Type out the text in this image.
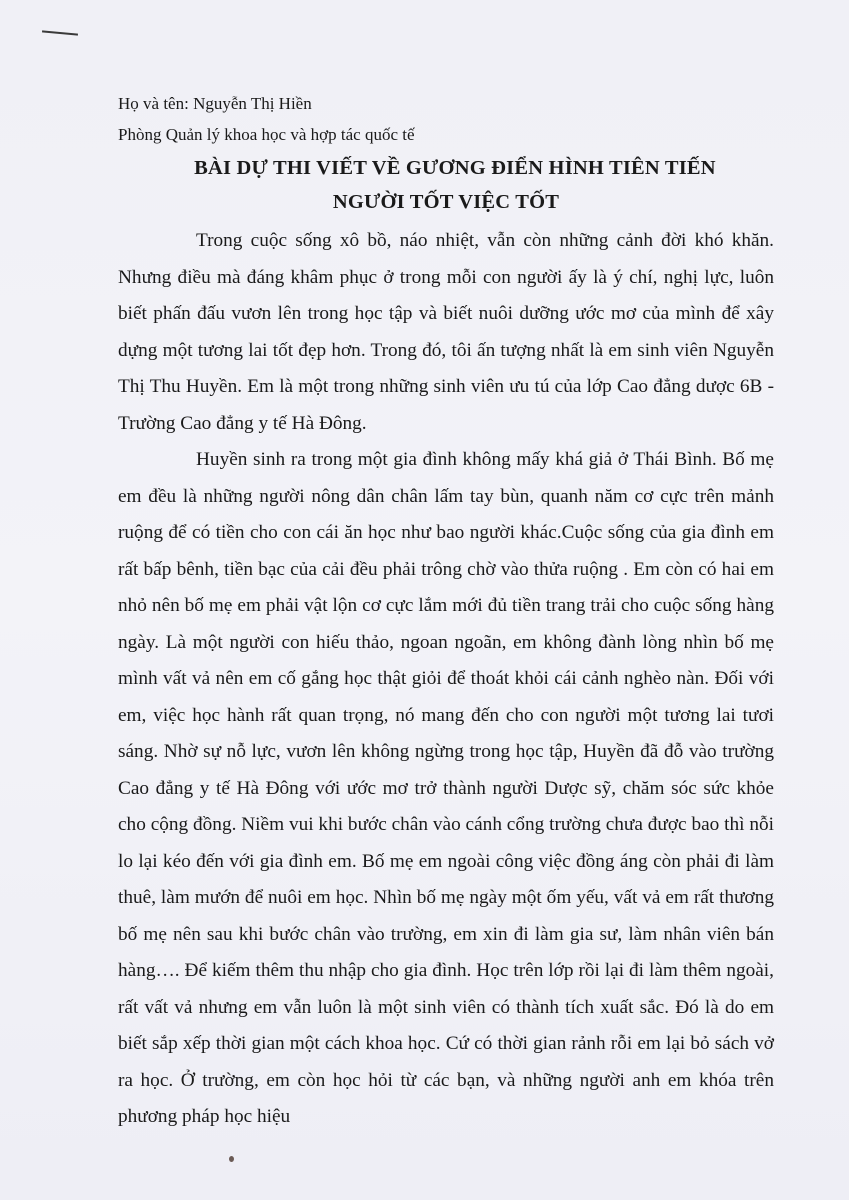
Họ và tên: Nguyễn Thị Hiền

Phòng Quản lý khoa học và hợp tác quốc tế

BÀI DỰ THI VIẾT VỀ GƯƠNG ĐIỂN HÌNH TIÊN TIẾN

NGƯỜI TỐT VIỆC TỐT

Trong cuộc sống xô bồ, náo nhiệt, vẫn còn những cảnh đời khó khăn. Nhưng điều mà đáng khâm phục ở trong mỗi con người ấy là ý chí, nghị lực, luôn biết phấn đấu vươn lên trong học tập và biết nuôi dưỡng ước mơ của mình để xây dựng một tương lai tốt đẹp hơn. Trong đó, tôi ấn tượng nhất là em sinh viên Nguyễn Thị Thu Huyền. Em là một trong những sinh viên ưu tú của lớp Cao đẳng dược 6B - Trường Cao đẳng y tế Hà Đông.

Huyền sinh ra trong một gia đình không mấy khá giả ở Thái Bình. Bố mẹ em đều là những người nông dân chân lấm tay bùn, quanh năm cơ cực trên mảnh ruộng để có tiền cho con cái ăn học như bao người khác.Cuộc sống của gia đình em rất bấp bênh, tiền bạc của cải đều phải trông chờ vào thửa ruộng . Em còn có hai em nhỏ nên bố mẹ em phải vật lộn cơ cực lắm mới đủ tiền trang trải cho cuộc sống hàng ngày. Là một người con hiếu thảo, ngoan ngoãn, em không đành lòng nhìn bố mẹ mình vất vả nên em cố gắng học thật giỏi để thoát khỏi cái cảnh nghèo nàn. Đối với em, việc học hành rất quan trọng, nó mang đến cho con người một tương lai tươi sáng. Nhờ sự nỗ lực, vươn lên không ngừng trong học tập, Huyền đã đỗ vào trường Cao đẳng y tế Hà Đông với ước mơ trở thành người Dược sỹ, chăm sóc sức khỏe cho cộng đồng. Niềm vui khi bước chân vào cánh cổng trường chưa được bao thì nỗi lo lại kéo đến với gia đình em. Bố mẹ em ngoài công việc đồng áng còn phải đi làm thuê, làm mướn để nuôi em học. Nhìn bố mẹ ngày một ốm yếu, vất vả em rất thương bố mẹ nên sau khi bước chân vào trường, em xin đi làm gia sư, làm nhân viên bán hàng…. Để kiếm thêm thu nhập cho gia đình. Học trên lớp rồi lại đi làm thêm ngoài, rất vất vả nhưng em vẫn luôn là một sinh viên có thành tích xuất sắc. Đó là do em biết sắp xếp thời gian một cách khoa học. Cứ có thời gian rảnh rỗi em lại bỏ sách vở ra học. Ở trường, em còn học hỏi từ các bạn, và những người anh em khóa trên phương pháp học hiệu
